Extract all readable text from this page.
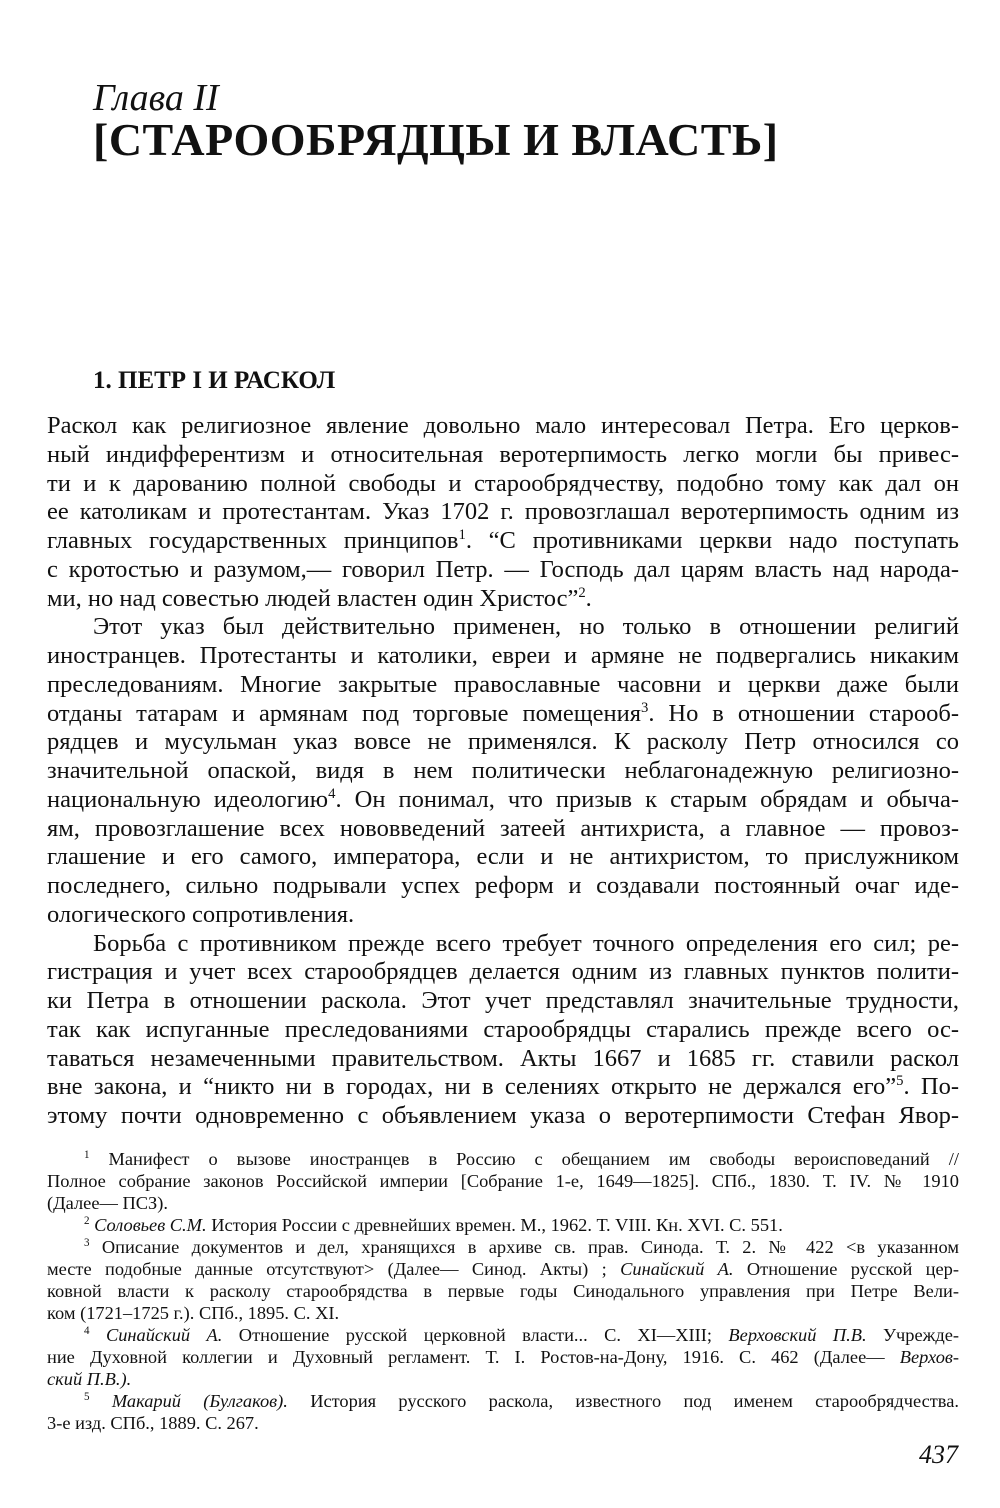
Глава II
[СТАРООБРЯДЦЫ И ВЛАСТЬ]
1. ПЕТР I И РАСКОЛ
Раскол как религиозное явление довольно мало интересовал Петра. Его церков-
ный индифферентизм и относительная веротерпимость легко могли бы привес-
ти и к дарованию полной свободы и старообрядчеству, подобно тому как дал он
ее католикам и протестантам. Указ 1702 г. провозглашал веротерпимость одним из
главных государственных принципов$^1$. “С противниками церкви надо поступать
с кротостью и разумом,— говорил Петр. — Господь дал царям власть над народа-
ми, но над совестью людей властен один Христос”$^2$.
Этот указ был действительно применен, но только в отношении религий
иностранцев. Протестанты и католики, евреи и армяне не подвергались никаким
преследованиям. Многие закрытые православные часовни и церкви даже были
отданы татарам и армянам под торговые помещения$^3$. Но в отношении староoб-
рядцев и мусульман указ вовсе не применялся. К расколу Петр относился со
значительной опаской, видя в нем политически неблагонадежную религиозно-
национальную идеологию$^4$. Он понимал, что призыв к старым обрядам и обыча-
ям, провозглашение всех нововведений затеей антихриста, а главное — провоз-
глашение и его самого, императора, если и не антихристом, то прислужником
последнего, сильно подрывали успех реформ и создавали постоянный очаг иде-
ологического сопротивления.
Борьба с противником прежде всего требует точного определения его сил; ре-
гистрация и учет всех старообрядцев делается одним из главных пунктов полити-
ки Петра в отношении раскола. Этот учет представлял значительные трудности,
так как испуганные преследованиями старообрядцы старались прежде всего ос-
таваться незамеченными правительством. Акты 1667 и 1685 гг. ставили раскол
вне закона, и “никто ни в городах, ни в селениях открыто не держался его”$^5$. По-
этому почти одновременно с объявлением указа о веротерпимости Стефан Явор-
$^1$ Манифест о вызове иностранцев в Россию с обещанием им свободы вероисповеданий //
Полное собрание законов Российской империи [Собрание 1-е, 1649—1825]. СПб., 1830. Т. IV. № 1910
(Далее— ПСЗ).
$^2$ Соловьев С.М. История России с древнейших времен. М., 1962. Т. VIII. Кн. XVI. С. 551.
$^3$ Описание документов и дел, хранящихся в архиве св. прав. Синода. Т. 2. № 422 <в указанном
месте подобные данные отсутствуют> (Далее— Синод. Акты) ; Синайский А. Отношение русской цер-
ковной власти к расколу старообрядства в первые годы Синодального управления при Петре Вели-
ком (1721–1725 г.). СПб., 1895. С. XI.
$^4$ Синайский А. Отношение русской церковной власти... С. XI—XIII; Верховский П.В. Учрежде-
ние Духовной коллегии и Духовный регламент. Т. I. Ростов-на-Дону, 1916. С. 462 (Далее— Верхов-
ский П.В.).
$^5$ Макарий (Булгаков). История русского раскола, известного под именем старообрядчества.
3-е изд. СПб., 1889. С. 267.
437
